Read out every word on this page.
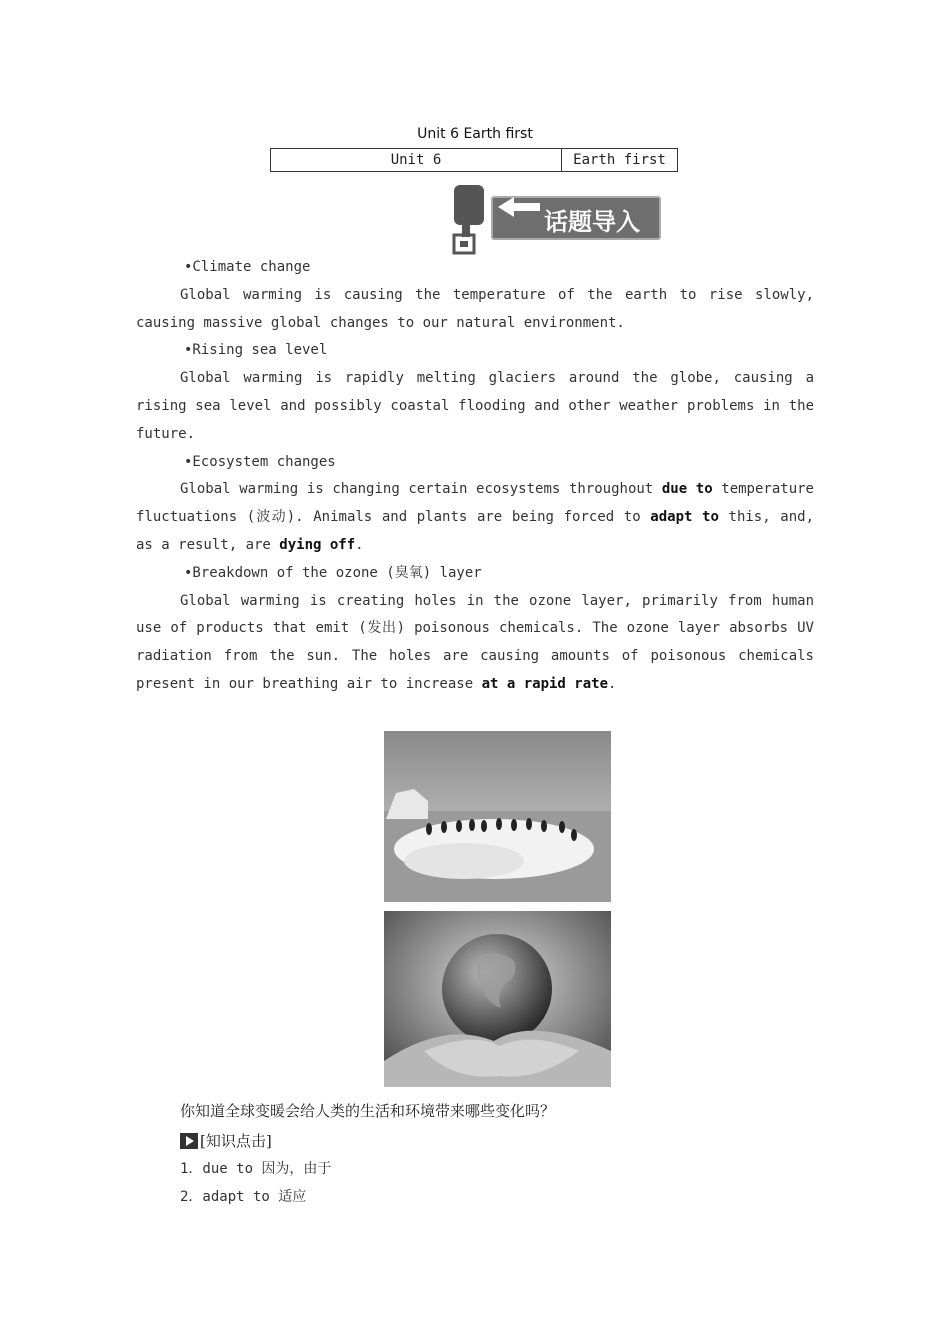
Unit 6 Earth first
Unit 6	Earth first
话题导入
•Climate change
Global warming is causing the temperature of the earth to rise slowly, causing massive global changes to our natural environment.
•Rising sea level
Global warming is rapidly melting glaciers around the globe, causing a rising sea level and possibly coastal flooding and other weather problems in the future.
•Ecosystem changes
Global warming is changing certain ecosystems throughout due to temperature fluctuations (波动). Animals and plants are being forced to adapt to this, and, as a result, are dying off.
•Breakdown of the ozone (臭氧) layer
Global warming is creating holes in the ozone layer, primarily from human use of products that emit (发出) poisonous chemicals. The ozone layer absorbs UV radiation from the sun. The holes are causing amounts of poisonous chemicals present in our breathing air to increase at a rapid rate.
你知道全球变暖会给人类的生活和环境带来哪些变化吗？
[知识点击]
1．due to 因为，由于
2．adapt to 适应
